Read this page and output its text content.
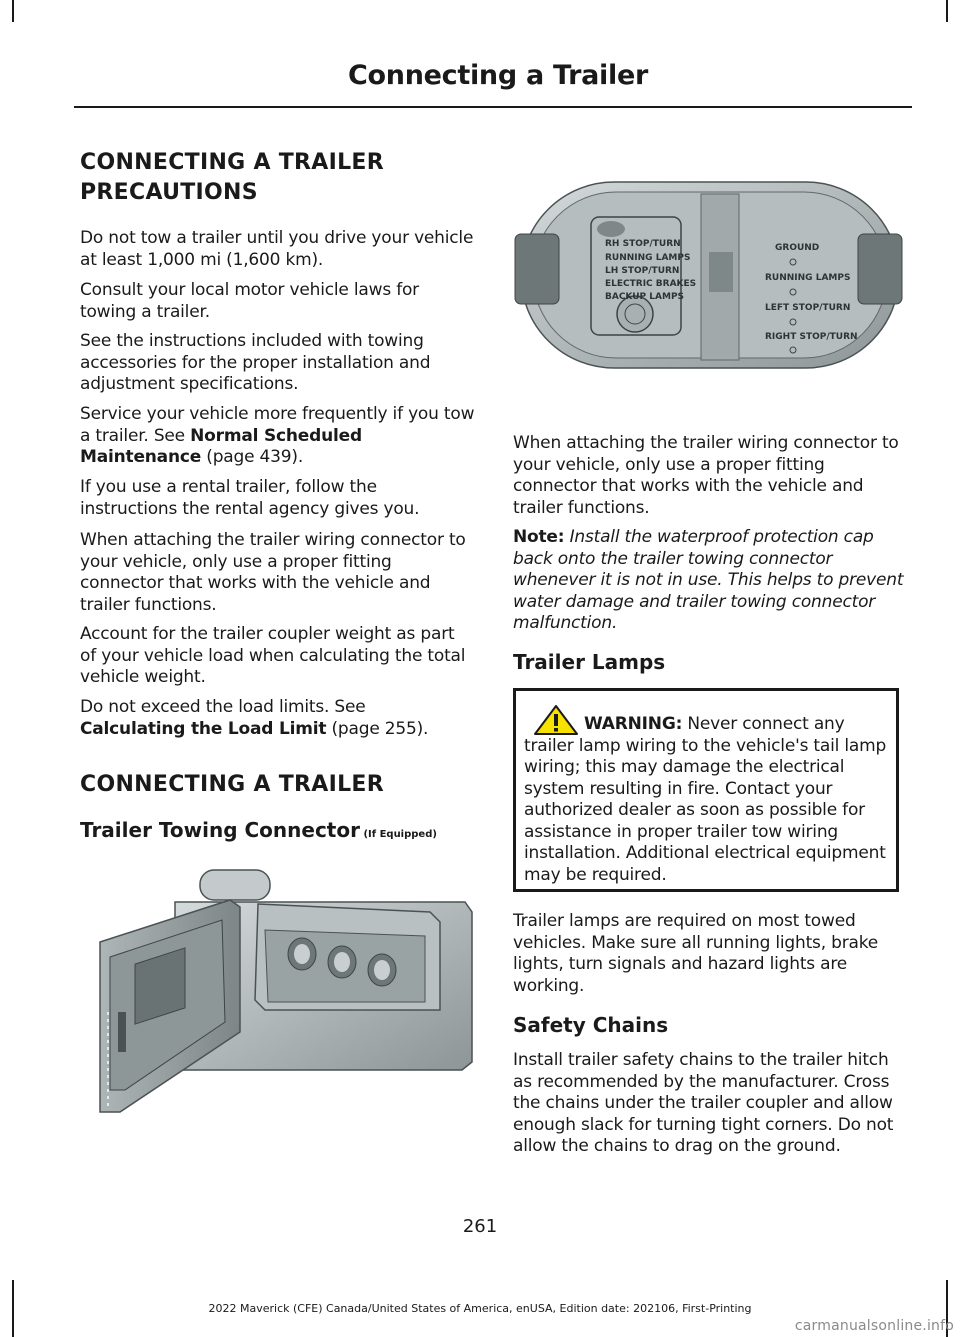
Connecting a Trailer
CONNECTING A TRAILER
PRECAUTIONS

Do not tow a trailer until you drive your vehicle at least 1,000 mi (1,600 km).

Consult your local motor vehicle laws for towing a trailer.

See the instructions included with towing accessories for the proper installation and adjustment specifications.

Service your vehicle more frequently if you tow a trailer. See Normal Scheduled Maintenance (page 439).

If you use a rental trailer, follow the instructions the rental agency gives you.

When attaching the trailer wiring connector to your vehicle, only use a proper fitting connector that works with the vehicle and trailer functions.

Account for the trailer coupler weight as part of your vehicle load when calculating the total vehicle weight.

Do not exceed the load limits. See Calculating the Load Limit (page 255).

CONNECTING A TRAILER
Trailer Towing Connector (If Equipped)
RH STOP/TURN
RUNNING LAMPS
LH STOP/TURN
ELECTRIC BRAKES
BACKUP LAMPS
GROUND
RUNNING LAMPS
LEFT STOP/TURN
RIGHT STOP/TURN

When attaching the trailer wiring connector to your vehicle, only use a proper fitting connector that works with the vehicle and trailer functions.

Note: Install the waterproof protection cap back onto the trailer towing connector whenever it is not in use. This helps to prevent water damage and trailer towing connector malfunction.

Trailer Lamps
WARNING: Never connect any trailer lamp wiring to the vehicle's tail lamp wiring; this may damage the electrical system resulting in fire. Contact your authorized dealer as soon as possible for assistance in proper trailer tow wiring installation. Additional electrical equipment may be required.

Trailer lamps are required on most towed vehicles. Make sure all running lights, brake lights, turn signals and hazard lights are working.

Safety Chains

Install trailer safety chains to the trailer hitch as recommended by the manufacturer. Cross the chains under the trailer coupler and allow enough slack for turning tight corners. Do not allow the chains to drag on the ground.

261
2022 Maverick (CFE) Canada/United States of America, enUSA, Edition date: 202106, First-Printing
carmanualsonline.info
